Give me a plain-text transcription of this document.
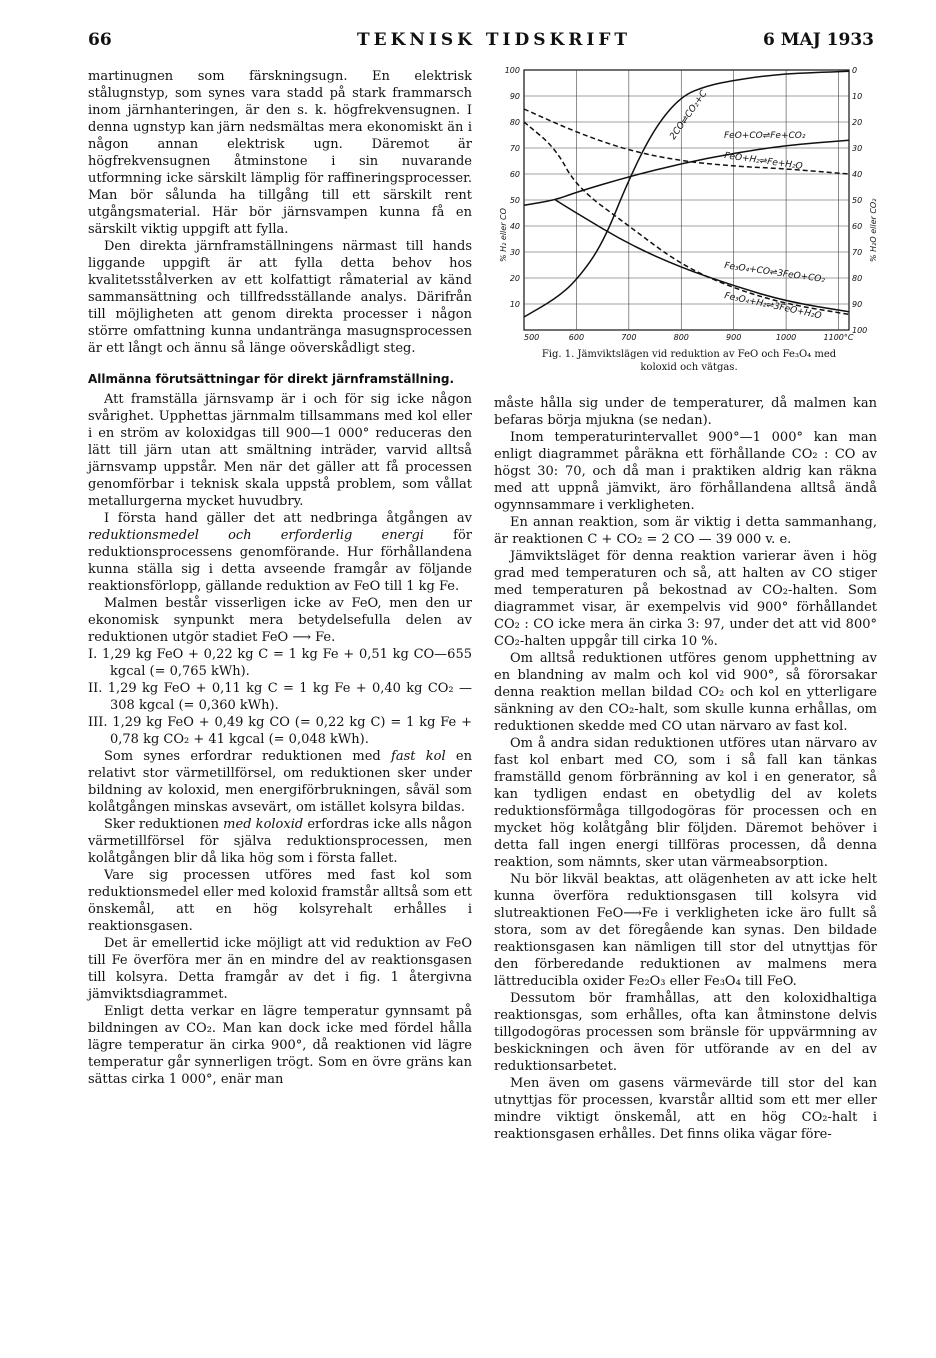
66	TEKNISK TIDSKRIFT	6 MAJ 1933

martinugnen som färskningsugn. En elektrisk stålugnstyp, som synes vara stadd på stark frammarsch inom järnhanteringen, är den s. k. högfrekvensugnen. I denna ugnstyp kan järn nedsmältas mera ekonomiskt än i någon annan elektrisk ugn. Däremot är högfrekvensugnen åtminstone i sin nuvarande utformning icke särskilt lämplig för raffineringsprocesser. Man bör sålunda ha tillgång till ett särskilt rent utgångsmaterial. Här bör järnsvampen kunna få en särskilt viktig uppgift att fylla.

Den direkta järnframställningens närmast till hands liggande uppgift är att fylla detta behov hos kvalitetsstålverken av ett kolfattigt råmaterial av känd sammansättning och tillfredsställande analys. Därifrån till möjligheten att genom direkta processer i någon större omfattning kunna undanträngа masugnsprocessen är ett långt och ännu så länge oöverskådligt steg.

Allmänna förutsättningar för direkt järnframställning.

Att framställa järnsvamp är i och för sig icke någon svårighet. Upphettas järnmalm tillsammans med kol eller i en ström av koloxidgas till 900—1 000° reduceras den lätt till järn utan att smältning inträder, varvid alltså järnsvamp uppstår. Men när det gäller att få processen genomförbar i teknisk skala uppstå problem, som vållat metallurgerna mycket huvudbry.

I första hand gäller det att nedbringa åtgången av reduktionsmedel och erforderlig energi för reduktionsprocessens genomförande. Hur förhållandena kunna ställa sig i detta avseende framgår av följande reaktionsförlopp, gällande reduktion av FeO till 1 kg Fe.

Malmen består visserligen icke av FeO, men den ur ekonomisk synpunkt mera betydelsefulla delen av reduktionen utgör stadiet FeO ⟶ Fe.

I. 1,29 kg FeO + 0,22 kg C = 1 kg Fe + 0,51 kg CO—655 kgcal (= 0,765 kWh).
II. 1,29 kg FeO + 0,11 kg C = 1 kg Fe + 0,40 kg CO₂ — 308 kgcal (= 0,360 kWh).
III. 1,29 kg FeO + 0,49 kg CO (= 0,22 kg C) = 1 kg Fe + 0,78 kg CO₂ + 41 kgcal (= 0,048 kWh).

Som synes erfordrar reduktionen med fast kol en relativt stor värmetillförsel, om reduktionen sker under bildning av koloxid, men energiförbrukningen, såväl som kolåtgången minskas avsevärt, om istället kolsyra bildas.

Sker reduktionen med koloxid erfordras icke alls någon värmetillförsel för själva reduktionsprocessen, men kolåtgången blir då lika hög som i första fallet.

Vare sig processen utföres med fast kol som reduktionsmedel eller med koloxid framstår alltså som ett önskemål, att en hög kolsyrehalt erhålles i reaktionsgasen.

Det är emellertid icke möjligt att vid reduktion av FeO till Fe överföra mer än en mindre del av reaktionsgasen till kolsyra. Detta framgår av det i fig. 1 återgivna jämviktsdiagrammet.

Enligt detta verkar en lägre temperatur gynnsamt på bildningen av CO₂. Man kan dock icke med fördel hålla lägre temperatur än cirka 900°, då reaktionen vid lägre temperatur går synnerligen trögt. Som en övre gräns kan sättas cirka 1 000°, enär man

100
10	90
20	80
30	70
40	60
50	50
60	40
70	30
80	20
90	10
100	0
500	600	700	800	900	1000	1100°C
% H₂ eller CO	% H₂O eller CO₂
2CO⇌CO₂+C FeO+CO⇌Fe+CO₂
FeO+H₂⇌Fe+H₂O
Fe₃O₄+CO⇌3FeO+CO₂
Fe₃O₄+H₂⇌3FeO+H₂O
Fig. 1. Jämviktslägen vid reduktion av FeO och Fe₃O₄ med
koloxid och vätgas.

måste hålla sig under de temperaturer, då malmen kan befaras börja mjukna (se nedan).

Inom temperaturintervallet 900°—1 000° kan man enligt diagrammet påräkna ett förhållande CO₂ : CO av högst 30: 70, och då man i praktiken aldrig kan räkna med att uppnå jämvikt, äro förhållandena alltså ändå ogynnsammare i verkligheten.

En annan reaktion, som är viktig i detta sammanhang, är reaktionen C + CO₂ = 2 CO — 39 000 v. e.

Jämviktsläget för denna reaktion varierar även i hög grad med temperaturen och så, att halten av CO stiger med temperaturen på bekostnad av CO₂-halten. Som diagrammet visar, är exempelvis vid 900° förhållandet CO₂ : CO icke mera än cirka 3: 97, under det att vid 800° CO₂-halten uppgår till cirka 10 %.

Om alltså reduktionen utföres genom upphettning av en blandning av malm och kol vid 900°, så förorsakar denna reaktion mellan bildad CO₂ och kol en ytterligare sänkning av den CO₂-halt, som skulle kunna erhållas, om reduktionen skedde med CO utan närvaro av fast kol.

Om å andra sidan reduktionen utföres utan närvaro av fast kol enbart med CO, som i så fall kan tänkas framställd genom förbränning av kol i en generator, så kan tydligen endast en obetydlig del av kolets reduktionsförmåga tillgodogöras för processen och en mycket hög kolåtgång blir följden. Däremot behöver i detta fall ingen energi tillföras processen, då denna reaktion, som nämnts, sker utan värmeabsorption.

Nu bör likväl beaktas, att olägenheten av att icke helt kunna överföra reduktionsgasen till kolsyra vid slutreaktionen FeO⟶Fe i verkligheten icke äro fullt så stora, som av det föregående kan synas. Den bildade reaktionsgasen kan nämligen till stor del utnyttjas för den förberedande reduktionen av malmens mera lättreducibla oxider Fe₂O₃ eller Fe₃O₄ till FeO.

Dessutom bör framhållas, att den koloxidhaltiga reaktionsgas, som erhålles, ofta kan åtminstone delvis tillgodogöras processen som bränsle för uppvärmning av beskickningen och även för utförande av en del av reduktionsarbetet.

Men även om gasens värmevärde till stor del kan utnyttjas för processen, kvarstår alltid som ett mer eller mindre viktigt önskemål, att en hög CO₂-halt i reaktionsgasen erhålles. Det finns olika vägar före-
